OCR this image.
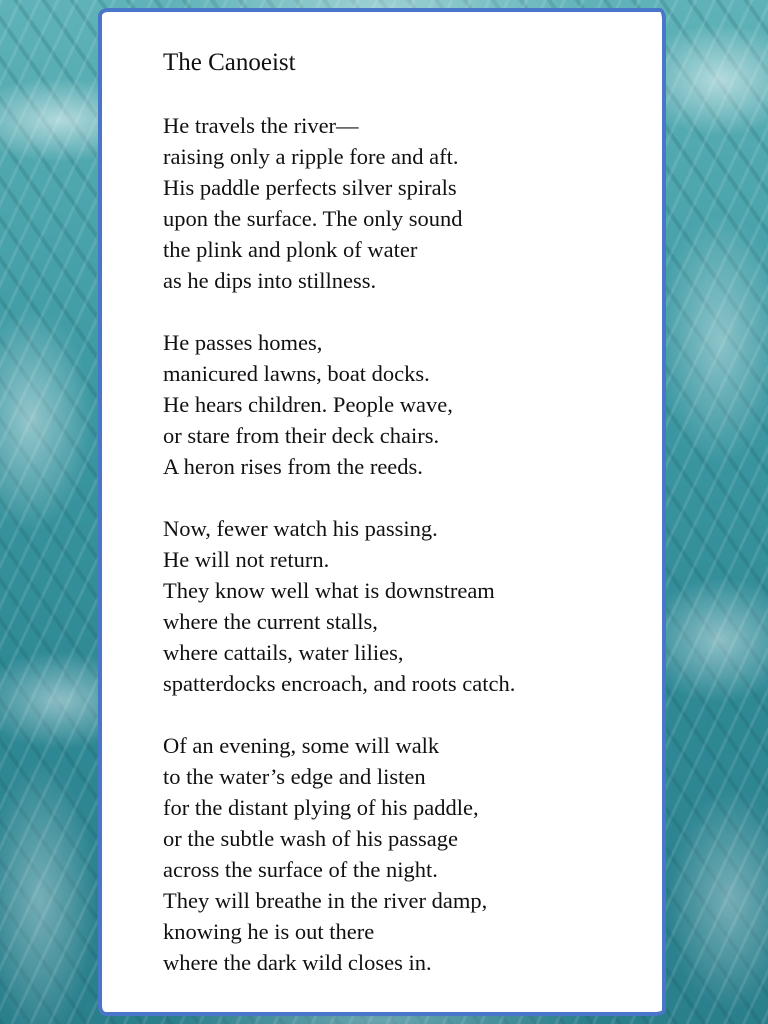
The Canoeist
He travels the river—
raising only a ripple fore and aft.
His paddle perfects silver spirals
upon the surface. The only sound
the plink and plonk of water
as he dips into stillness.
He passes homes,
manicured lawns, boat docks.
He hears children. People wave,
or stare from their deck chairs.
A heron rises from the reeds.
Now, fewer watch his passing.
He will not return.
They know well what is downstream
where the current stalls,
where cattails, water lilies,
spatterdocks encroach, and roots catch.
Of an evening, some will walk
to the water’s edge and listen
for the distant plying of his paddle,
or the subtle wash of his passage
across the surface of the night.
They will breathe in the river damp,
knowing he is out there
where the dark wild closes in.
